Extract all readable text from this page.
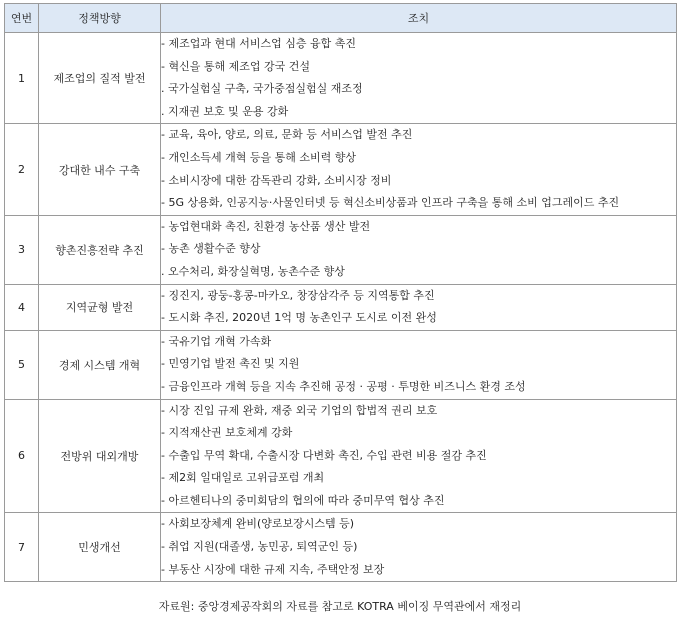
연번	정책방향	조치
1	제조업의 질적 발전	- 제조업과 현대 서비스업 심층 융합 촉진
- 혁신을 통해 제조업 강국 건설
. 국가실험실 구축, 국가중점실험실 재조정
. 지재권 보호 및 운용 강화

2	강대한 내수 구축	- 교육, 육아, 양로, 의료, 문화 등 서비스업 발전 추진
- 개인소득세 개혁 등을 통해 소비력 향상
- 소비시장에 대한 감독관리 강화, 소비시장 정비
- 5G 상용화, 인공지능·사물인터넷 등 혁신소비상품과 인프라 구축을 통해 소비 업그레이드 추진

3	향촌진흥전략 추진	- 농업현대화 촉진, 친환경 농산품 생산 발전
- 농촌 생활수준 향상
. 오수처리, 화장실혁명, 농촌수준 향상

4	지역균형 발전	- 징진지, 광둥-홍콩-마카오, 창장삼각주 등 지역통합 추진
- 도시화 추진, 2020년 1억 명 농촌인구 도시로 이전 완성

5	경제 시스템 개혁	- 국유기업 개혁 가속화
- 민영기업 발전 촉진 및 지원
- 금융인프라 개혁 등을 지속 추진해 공정 · 공평 · 투명한 비즈니스 환경 조성

6	전방위 대외개방	- 시장 진입 규제 완화, 재중 외국 기업의 합법적 권리 보호
- 지적재산권 보호체계 강화
- 수출입 무역 확대, 수출시장 다변화 촉진, 수입 관련 비용 절감 추진
- 제2회 일대일로 고위급포럼 개최
- 아르헨티나의 중미회담의 협의에 따라 중미무역 협상 추진

7	민생개선	- 사회보장체계 완비(양로보장시스템 등)
- 취업 지원(대졸생, 농민공, 퇴역군인 등)
- 부동산 시장에 대한 규제 지속, 주택안정 보장
자료원: 중앙경제공작회의 자료를 참고로 KOTRA 베이징 무역관에서 재정리
